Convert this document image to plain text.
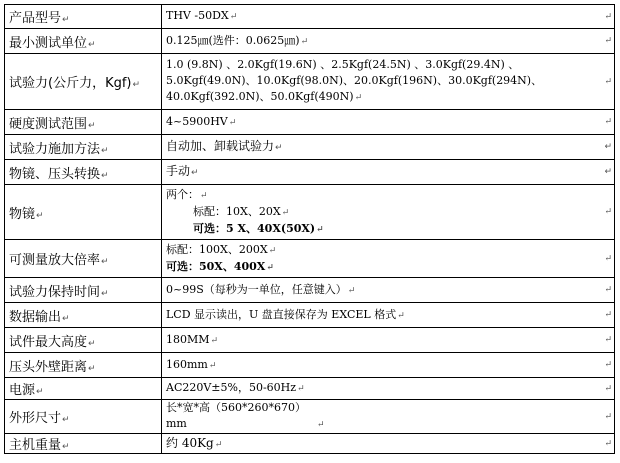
产品型号↵	THV -50DX↵ ↵

最小测试单位↵	0.125㎛(选件：0.0625㎛)↵ ↵

试验力(公斤力，Kgf)↵	1.0 (9.8N) 、2.0Kgf(19.6N) 、2.5Kgf(24.5N) 、3.0Kgf(29.4N) 、
5.0Kgf(49.0N)、10.0Kgf(98.0N)、20.0Kgf(196N)、30.0Kgf(294N)、
40.0Kgf(392.0N)、50.0Kgf(490N)↵
↵

硬度测试范围↵	4~5900HV↵ ↵

试验力施加方法↵	自动加、卸载试验力↵ ↵

物镜、压头转换↵	手动↵ ↵

物镜↵	两个：↵
标配：10X、20X↵
可选：5 X、40X(50X)↵
↵

可测量放大倍率↵	标配：100X、200X↵
可选：50X、400X↵
↵

试验力保持时间↵	0~99S（每秒为一单位，任意键入）↵ ↵

数据输出↵	LCD 显示读出，U 盘直接保存为 EXCEL 格式↵ ↵

试件最大高度↵	180MM↵ ↵

压头外壁距离↵	160mm↵ ↵

电源↵	AC220V±5%，50-60Hz↵ ↵

外形尺寸↵	长*宽*高（560*260*670）mm ↵
↵

主机重量↵	约 40Kg↵ ↵
